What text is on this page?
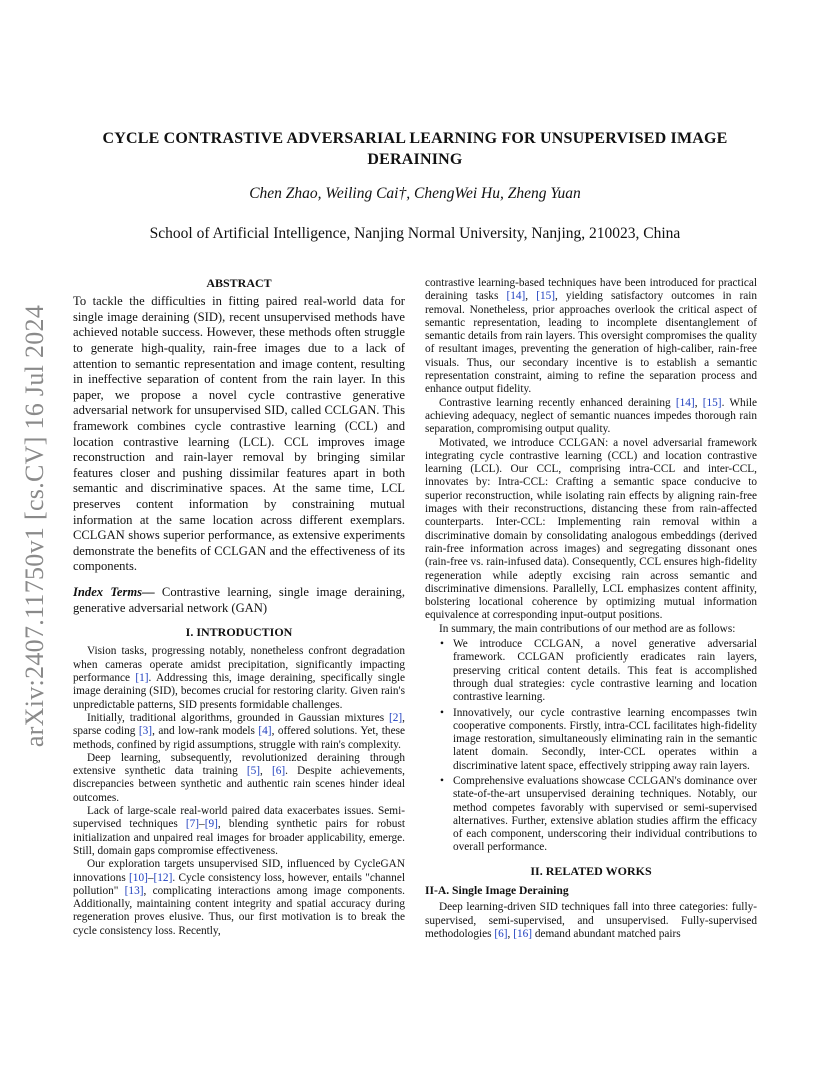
arXiv:2407.11750v1 [cs.CV] 16 Jul 2024
CYCLE CONTRASTIVE ADVERSARIAL LEARNING FOR UNSUPERVISED IMAGE DERAINING
Chen Zhao, Weiling Cai†, ChengWei Hu, Zheng Yuan
School of Artificial Intelligence, Nanjing Normal University, Nanjing, 210023, China
ABSTRACT

To tackle the difficulties in fitting paired real-world data for single image deraining (SID), recent unsupervised methods have achieved notable success. However, these methods often struggle to generate high-quality, rain-free images due to a lack of attention to semantic representation and image content, resulting in ineffective separation of content from the rain layer. In this paper, we propose a novel cycle contrastive generative adversarial network for unsupervised SID, called CCLGAN. This framework combines cycle contrastive learning (CCL) and location contrastive learning (LCL). CCL improves image reconstruction and rain-layer removal by bringing similar features closer and pushing dissimilar features apart in both semantic and discriminative spaces. At the same time, LCL preserves content information by constraining mutual information at the same location across different exemplars. CCLGAN shows superior performance, as extensive experiments demonstrate the benefits of CCLGAN and the effectiveness of its components.

Index Terms— Contrastive learning, single image deraining, generative adversarial network (GAN)

I. INTRODUCTION

Vision tasks, progressing notably, nonetheless confront degradation when cameras operate amidst precipitation, significantly impacting performance [1]. Addressing this, image deraining, specifically single image deraining (SID), becomes crucial for restoring clarity. Given rain's unpredictable patterns, SID presents formidable challenges.

Initially, traditional algorithms, grounded in Gaussian mixtures [2], sparse coding [3], and low-rank models [4], offered solutions. Yet, these methods, confined by rigid assumptions, struggle with rain's complexity.

Deep learning, subsequently, revolutionized deraining through extensive synthetic data training [5], [6]. Despite achievements, discrepancies between synthetic and authentic rain scenes hinder ideal outcomes.

Lack of large-scale real-world paired data exacerbates issues. Semi-supervised techniques [7]–[9], blending synthetic pairs for robust initialization and unpaired real images for broader applicability, emerge. Still, domain gaps compromise effectiveness.

Our exploration targets unsupervised SID, influenced by CycleGAN innovations [10]–[12]. Cycle consistency loss, however, entails "channel pollution" [13], complicating interactions among image components. Additionally, maintaining content integrity and spatial accuracy during regeneration proves elusive. Thus, our first motivation is to break the cycle consistency loss. Recently,

contrastive learning-based techniques have been introduced for practical deraining tasks [14], [15], yielding satisfactory outcomes in rain removal. Nonetheless, prior approaches overlook the critical aspect of semantic representation, leading to incomplete disentanglement of semantic details from rain layers. This oversight compromises the quality of resultant images, preventing the generation of high-caliber, rain-free visuals. Thus, our secondary incentive is to establish a semantic representation constraint, aiming to refine the separation process and enhance output fidelity.

Contrastive learning recently enhanced deraining [14], [15]. While achieving adequacy, neglect of semantic nuances impedes thorough rain separation, compromising output quality.

Motivated, we introduce CCLGAN: a novel adversarial framework integrating cycle contrastive learning (CCL) and location contrastive learning (LCL). Our CCL, comprising intra-CCL and inter-CCL, innovates by: Intra-CCL: Crafting a semantic space conducive to superior reconstruction, while isolating rain effects by aligning rain-free images with their reconstructions, distancing these from rain-affected counterparts. Inter-CCL: Implementing rain removal within a discriminative domain by consolidating analogous embeddings (derived rain-free information across images) and segregating dissonant ones (rain-free vs. rain-infused data). Consequently, CCL ensures high-fidelity regeneration while adeptly excising rain across semantic and discriminative dimensions. Parallelly, LCL emphasizes content affinity, bolstering locational coherence by optimizing mutual information equivalence at corresponding input-output positions.

In summary, the main contributions of our method are as follows:

• We introduce CCLGAN, a novel generative adversarial framework. CCLGAN proficiently eradicates rain layers, preserving critical content details. This feat is accomplished through dual strategies: cycle contrastive learning and location contrastive learning.
• Innovatively, our cycle contrastive learning encompasses twin cooperative components. Firstly, intra-CCL facilitates high-fidelity image restoration, simultaneously eliminating rain in the semantic latent domain. Secondly, inter-CCL operates within a discriminative latent space, effectively stripping away rain layers.
• Comprehensive evaluations showcase CCLGAN's dominance over state-of-the-art unsupervised deraining techniques. Notably, our method competes favorably with supervised or semi-supervised alternatives. Further, extensive ablation studies affirm the efficacy of each component, underscoring their individual contributions to overall performance.
II. RELATED WORKS
II-A. Single Image Deraining

Deep learning-driven SID techniques fall into three categories: fully-supervised, semi-supervised, and unsupervised. Fully-supervised methodologies [6], [16] demand abundant matched pairs
